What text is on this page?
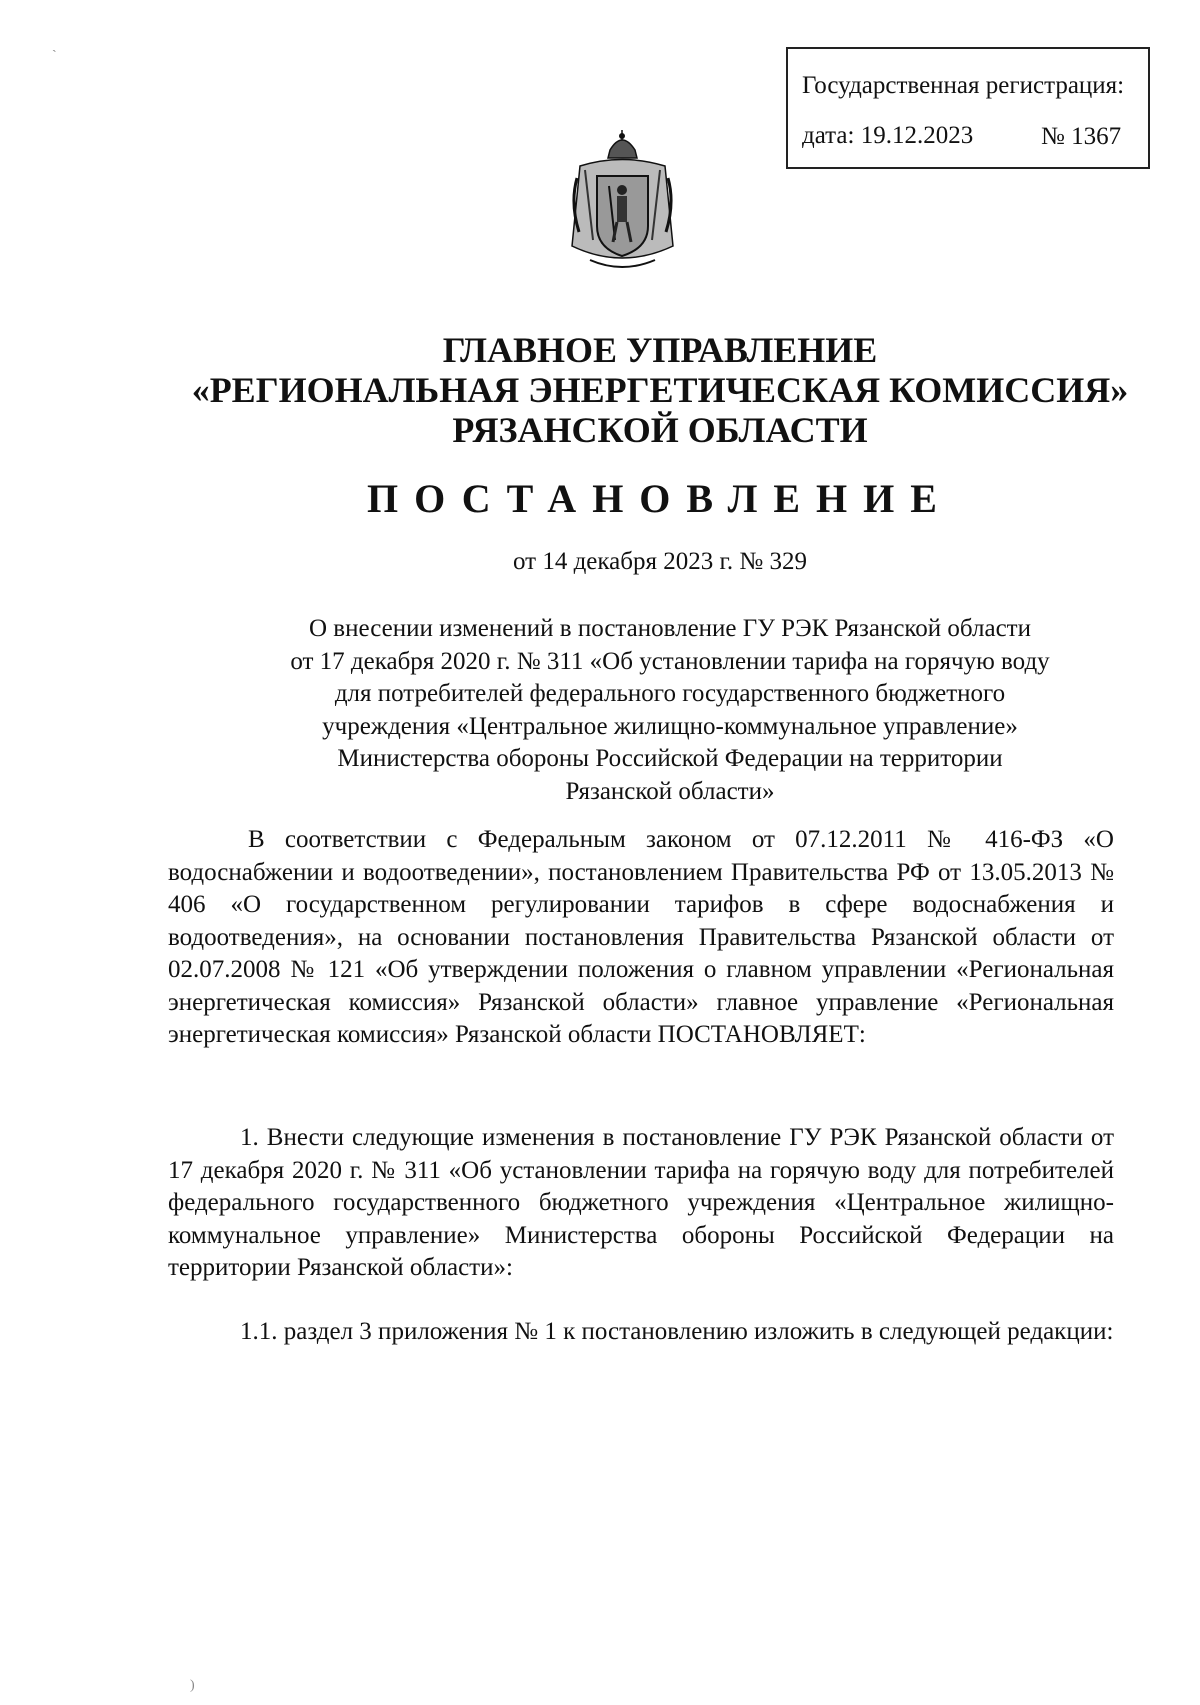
Государственная регистрация:
дата: 19.12.2023	№ 1367
ГЛАВНОЕ УПРАВЛЕНИЕ
«РЕГИОНАЛЬНАЯ ЭНЕРГЕТИЧЕСКАЯ КОМИССИЯ»
РЯЗАНСКОЙ ОБЛАСТИ
ПОСТАНОВЛЕНИЕ
от 14 декабря 2023 г. № 329
О внесении изменений в постановление ГУ РЭК Рязанской области
от 17 декабря 2020 г. № 311 «Об установлении тарифа на горячую воду
для потребителей федерального государственного бюджетного
учреждения «Центральное жилищно-коммунальное управление»
Министерства обороны Российской Федерации на территории
Рязанской области»
В соответствии с Федеральным законом от 07.12.2011 № 416-ФЗ «О водоснабжении и водоотведении», постановлением Правительства РФ от 13.05.2013 № 406 «О государственном регулировании тарифов в сфере водоснабжения и водоотведения», на основании постановления Правительства Рязанской области от 02.07.2008 № 121 «Об утверждении положения о главном управлении «Региональная энергетическая комиссия» Рязанской области» главное управление «Региональная энергетическая комиссия» Рязанской области ПОСТАНОВЛЯЕТ:
1. Внести следующие изменения в постановление ГУ РЭК Рязанской области от 17 декабря 2020 г. № 311 «Об установлении тарифа на горячую воду для потребителей федерального государственного бюджетного учреждения «Центральное жилищно-коммунальное управление» Министерства обороны Российской Федерации на территории Рязанской области»:
1.1. раздел 3 приложения № 1 к постановлению изложить в следующей редакции:
ˏ
)
